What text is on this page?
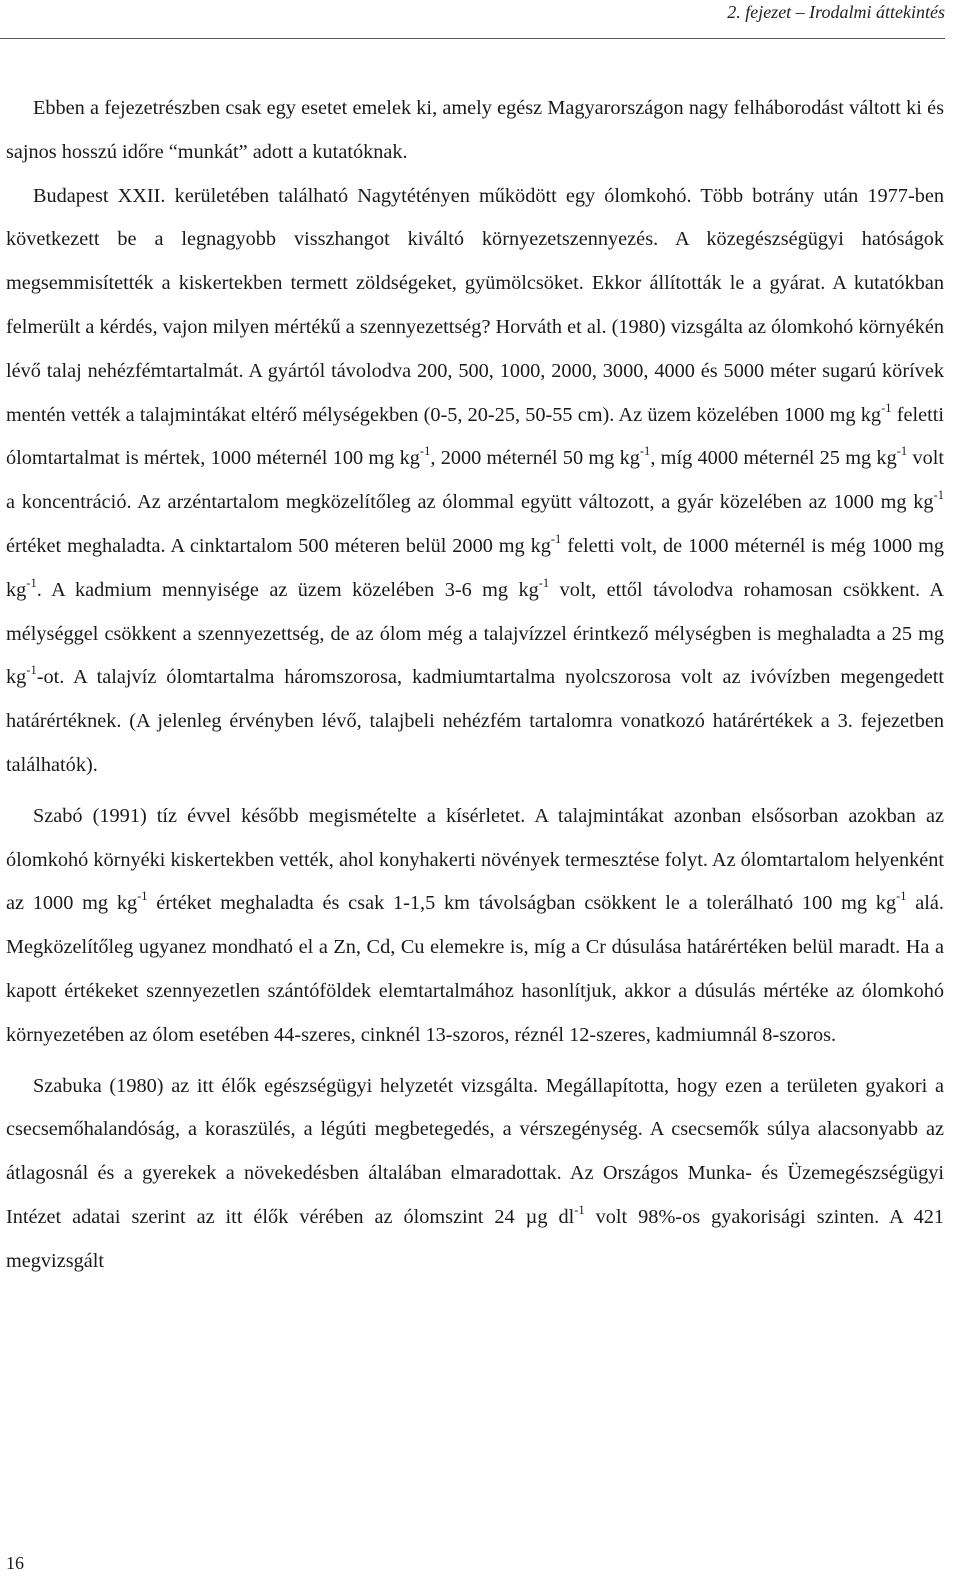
2. fejezet – Irodalmi áttekintés

Ebben a fejezetrészben csak egy esetet emelek ki, amely egész Magyarországon nagy felháborodást váltott ki és sajnos hosszú időre “munkát” adott a kutatóknak.

Budapest XXII. kerületében található Nagytétényen működött egy ólomkohó. Több botrány után 1977-ben következett be a legnagyobb visszhangot kiváltó környezetszennyezés. A közegészségügyi hatóságok megsemmisítették a kiskertekben termett zöldségeket, gyümölcsöket. Ekkor állították le a gyárat. A kutatókban felmerült a kérdés, vajon milyen mértékű a szennyezettség? Horváth et al. (1980) vizsgálta az ólomkohó környékén lévő talaj nehézfémtartalmát. A gyártól távolodva 200, 500, 1000, 2000, 3000, 4000 és 5000 méter sugarú körívek mentén vették a talajmintákat eltérő mélységekben (0-5, 20-25, 50-55 cm). Az üzem közelében 1000 mg $kg^{-1}$ feletti ólomtartalmat is mértek, 1000 méternél 100 mg $kg^{-1}$, 2000 méternél 50 mg $kg^{-1}$, míg 4000 méternél 25 mg $kg^{-1}$ volt a koncentráció. Az arzéntartalom megközelítőleg az ólommal együtt változott, a gyár közelében az 1000 mg $kg^{-1}$ értéket meghaladta. A cinktartalom 500 méteren belül 2000 mg $kg^{-1}$ feletti volt, de 1000 méternél is még 1000 mg $kg^{-1}$. A kadmium mennyisége az üzem közelében 3-6 mg $kg^{-1}$ volt, ettől távolodva rohamosan csökkent. A mélységgel csökkent a szennyezettség, de az ólom még a talajvízzel érintkező mélységben is meghaladta a 25 mg $kg^{-1}-ot$. A talajvíz ólomtartalma háromszorosa, kadmiumtartalma nyolcszorosa volt az ivóvízben megengedett határértéknek. (A jelenleg érvényben lévő, talajbeli nehézfém tartalomra vonatkozó határértékek a 3. fejezetben találhatók).

Szabó (1991) tíz évvel később megismételte a kísérletet. A talajmintákat azonban elsősorban azokban az ólomkohó környéki kiskertekben vették, ahol konyhakerti növények termesztése folyt. Az ólomtartalom helyenként az 1000 mg $kg^{-1}$ értéket meghaladta és csak 1-1,5 km távolságban csökkent le a tolerálható 100 mg $kg^{-1}$ alá. Megközelítőleg ugyanez mondható el a Zn, Cd, Cu elemekre is, míg a Cr dúsulása határértéken belül maradt. Ha a kapott értékeket szennyezetlen szántóföldek elemtartalmához hasonlítjuk, akkor a dúsulás mértéke az ólomkohó környezetében az ólom esetében 44-szeres, cinknél 13-szoros, réznél 12-szeres, kadmiumnál 8-szoros.

Szabuka (1980) az itt élők egészségügyi helyzetét vizsgálta. Megállapította, hogy ezen a területen gyakori a csecsemőhalandóság, a koraszülés, a légúti megbetegedés, a vérszegénység. A csecsemők súlya alacsonyabb az átlagosnál és a gyerekek a növekedésben általában elmaradottak. Az Országos Munka- és Üzemegészségügyi Intézet adatai szerint az itt élők vérében az ólomszint 24 µg $dl^{-1}$ volt 98%-os gyakorisági szinten. A 421 megvizsgált

16
